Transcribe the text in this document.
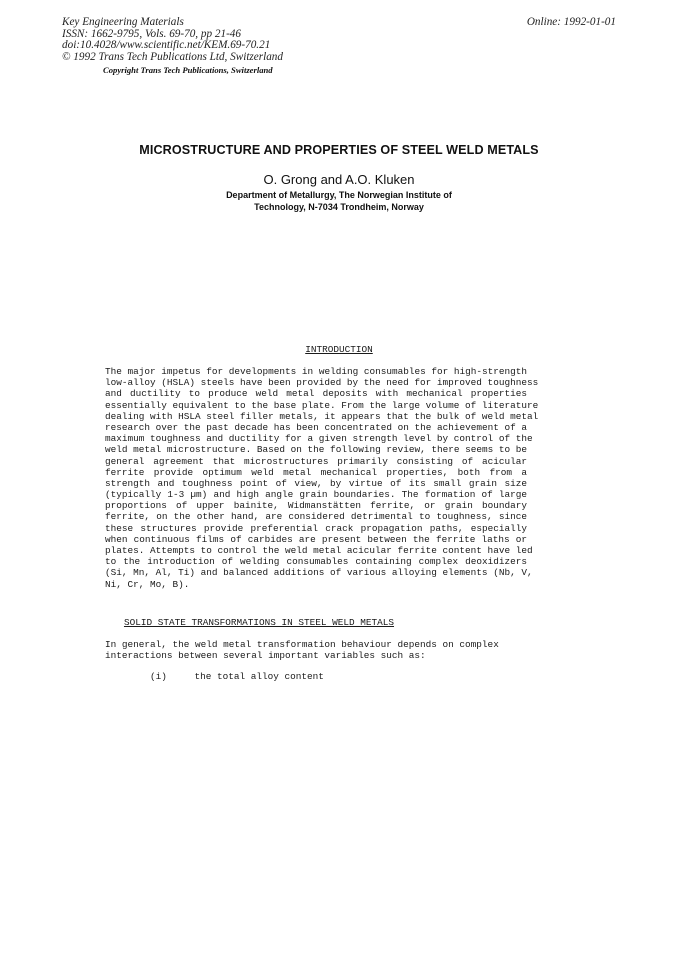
Key Engineering Materials
ISSN: 1662-9795, Vols. 69-70, pp 21-46
doi:10.4028/www.scientific.net/KEM.69-70.21
© 1992 Trans Tech Publications Ltd, Switzerland
Online: 1992-01-01
Copyright Trans Tech Publications, Switzerland
MICROSTRUCTURE AND PROPERTIES OF STEEL WELD METALS
O. Grong and A.O. Kluken
Department of Metallurgy, The Norwegian Institute of
Technology, N-7034 Trondheim, Norway
INTRODUCTION
The major impetus for developments in welding consumables for high-strength
low-alloy (HSLA) steels have been provided by the need for improved toughness
and ductility to produce weld metal deposits with mechanical properties
essentially equivalent to the base plate. From the large volume of literature
dealing with HSLA steel filler metals, it appears that the bulk of weld metal
research over the past decade has been concentrated on the achievement of a
maximum toughness and ductility for a given strength level by control of the
weld metal microstructure. Based on the following review, there seems to be
general agreement that microstructures primarily consisting of acicular
ferrite provide optimum weld metal mechanical properties, both from a
strength and toughness point of view, by virtue of its small grain size
(typically 1-3 µm) and high angle grain boundaries. The formation of large
proportions of upper bainite, Widmanstätten ferrite, or grain boundary
ferrite, on the other hand, are considered detrimental to toughness, since
these structures provide preferential crack propagation paths, especially
when continuous films of carbides are present between the ferrite laths or
plates. Attempts to control the weld metal acicular ferrite content have led
to the introduction of welding consumables containing complex deoxidizers
(Si, Mn, Al, Ti) and balanced additions of various alloying elements (Nb, V,
Ni, Cr, Mo, B).
SOLID STATE TRANSFORMATIONS IN STEEL WELD METALS
In general, the weld metal transformation behaviour depends on complex
interactions between several important variables such as:
(i)	the total alloy content
